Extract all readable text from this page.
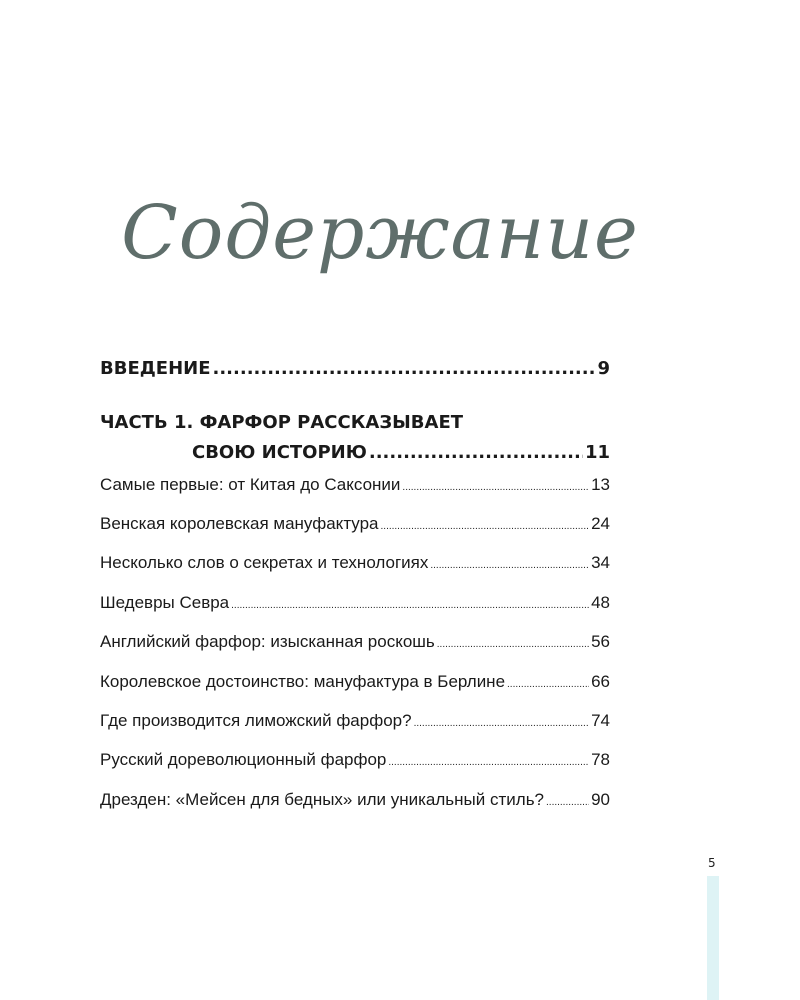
Содержание
ВВЕДЕНИЕ .....	9
ЧАСТЬ 1. ФАРФОР РАССКАЗЫВАЕТ
СВОЮ ИСТОРИЮ .....	11
Самые первые: от Китая до Саксонии .....	13
Венская королевская мануфактура .....	24
Несколько слов о секретах и технологиях .....	34
Шедевры Севра .....	48
Английский фарфор: изысканная роскошь .....	56
Королевское достоинство: мануфактура в Берлине .....	66
Где производится лиможский фарфор? .....	74
Русский дореволюционный фарфор .....	78
Дрезден: «Мейсен для бедных» или уникальный стиль? .....	90
5
